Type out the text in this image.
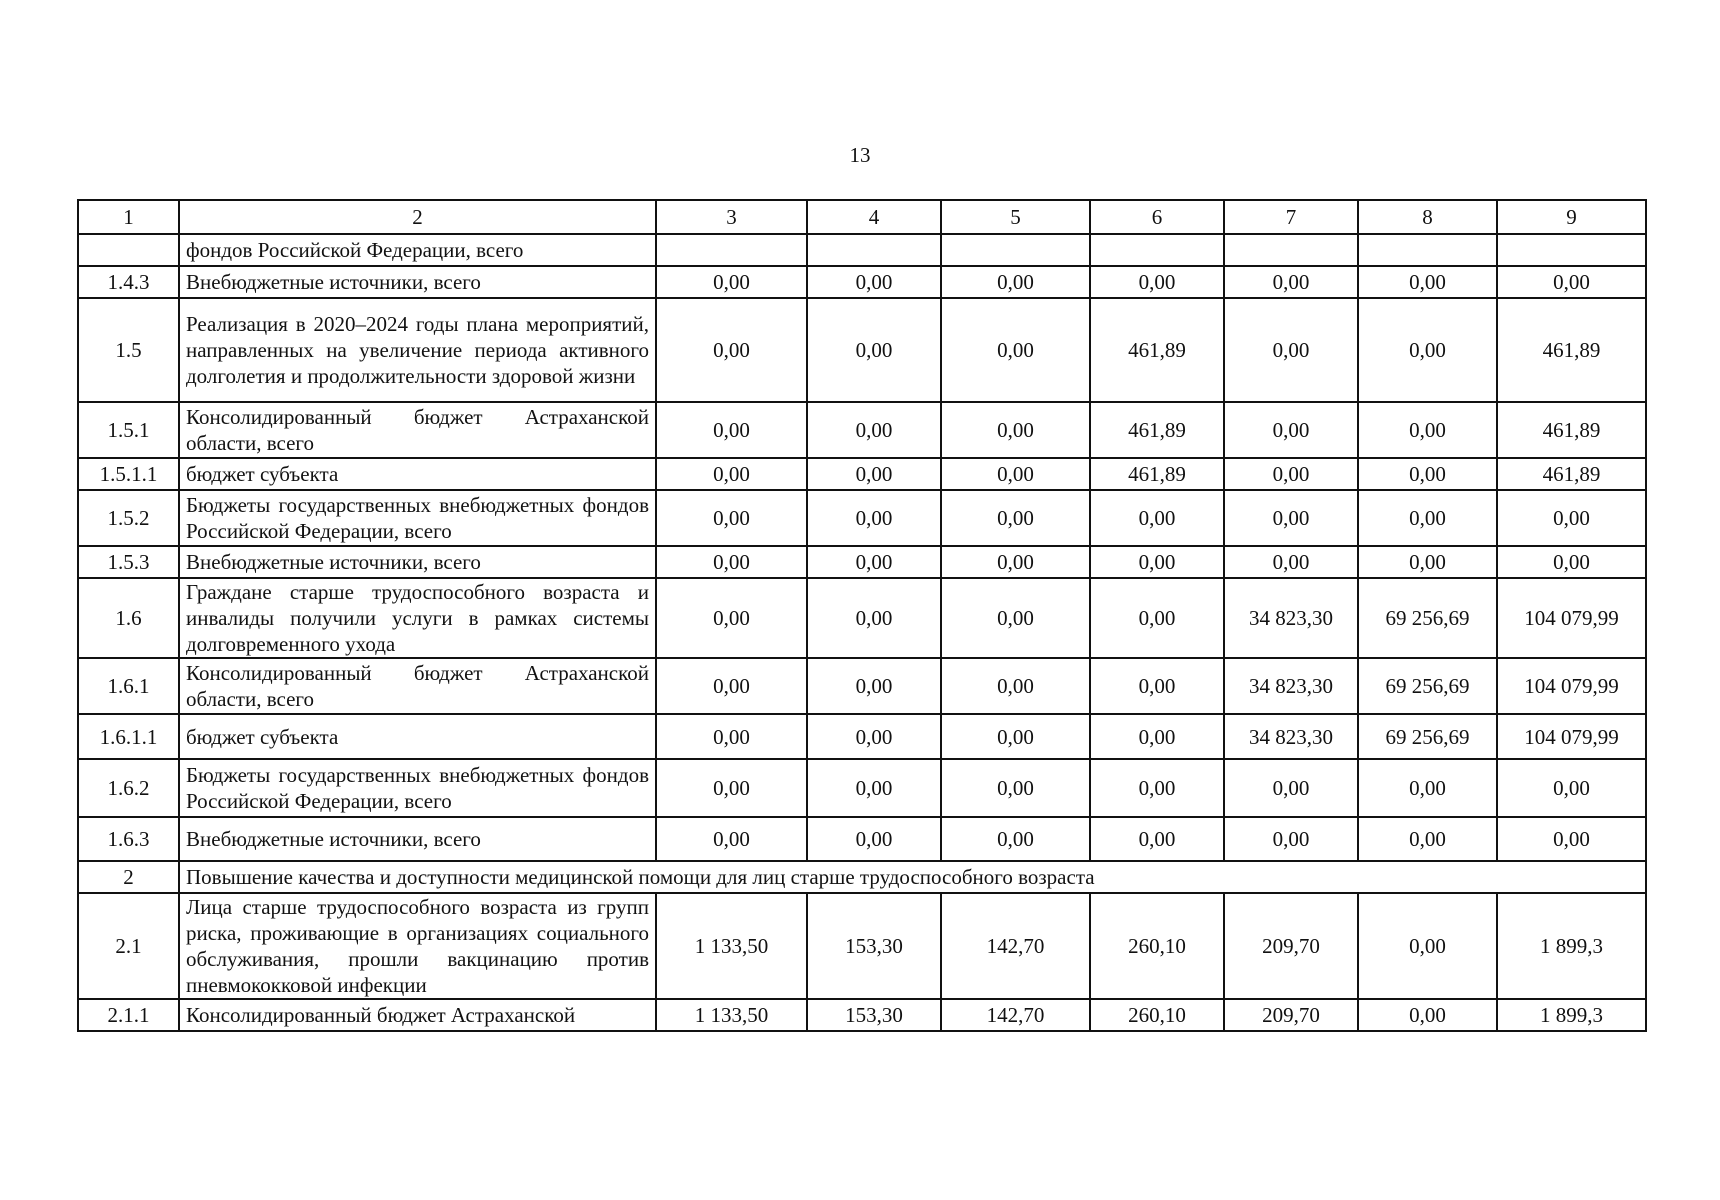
13
1	2	3	4	5	6	7	8	9
	фондов Российской Федерации, всего							
1.4.3	Внебюджетные источники, всего	0,00	0,00	0,00	0,00	0,00	0,00	0,00
1.5	Реализация в 2020–2024 годы плана мероприятий, направленных на увеличение периода активного долголетия и продолжительности здоровой жизни	0,00	0,00	0,00	461,89	0,00	0,00	461,89
1.5.1	Консолидированный бюджет Астраханской области, всего	0,00	0,00	0,00	461,89	0,00	0,00	461,89
1.5.1.1	бюджет субъекта	0,00	0,00	0,00	461,89	0,00	0,00	461,89
1.5.2	Бюджеты государственных внебюджетных фондов Российской Федерации, всего	0,00	0,00	0,00	0,00	0,00	0,00	0,00
1.5.3	Внебюджетные источники, всего	0,00	0,00	0,00	0,00	0,00	0,00	0,00
1.6	Граждане старше трудоспособного возраста и инвалиды получили услуги в рамках системы долговременного ухода	0,00	0,00	0,00	0,00	34 823,30	69 256,69	104 079,99
1.6.1	Консолидированный бюджет Астраханской области, всего	0,00	0,00	0,00	0,00	34 823,30	69 256,69	104 079,99
1.6.1.1	бюджет субъекта	0,00	0,00	0,00	0,00	34 823,30	69 256,69	104 079,99
1.6.2	Бюджеты государственных внебюджетных фондов Российской Федерации, всего	0,00	0,00	0,00	0,00	0,00	0,00	0,00
1.6.3	Внебюджетные источники, всего	0,00	0,00	0,00	0,00	0,00	0,00	0,00
2	Повышение качества и доступности медицинской помощи для лиц старше трудоспособного возраста							
2.1	Лица старше трудоспособного возраста из групп риска, проживающие в организациях социального обслуживания, прошли вакцинацию против пневмококковой инфекции	1 133,50	153,30	142,70	260,10	209,70	0,00	1 899,3
2.1.1	Консолидированный бюджет Астраханской	1 133,50	153,30	142,70	260,10	209,70	0,00	1 899,3
